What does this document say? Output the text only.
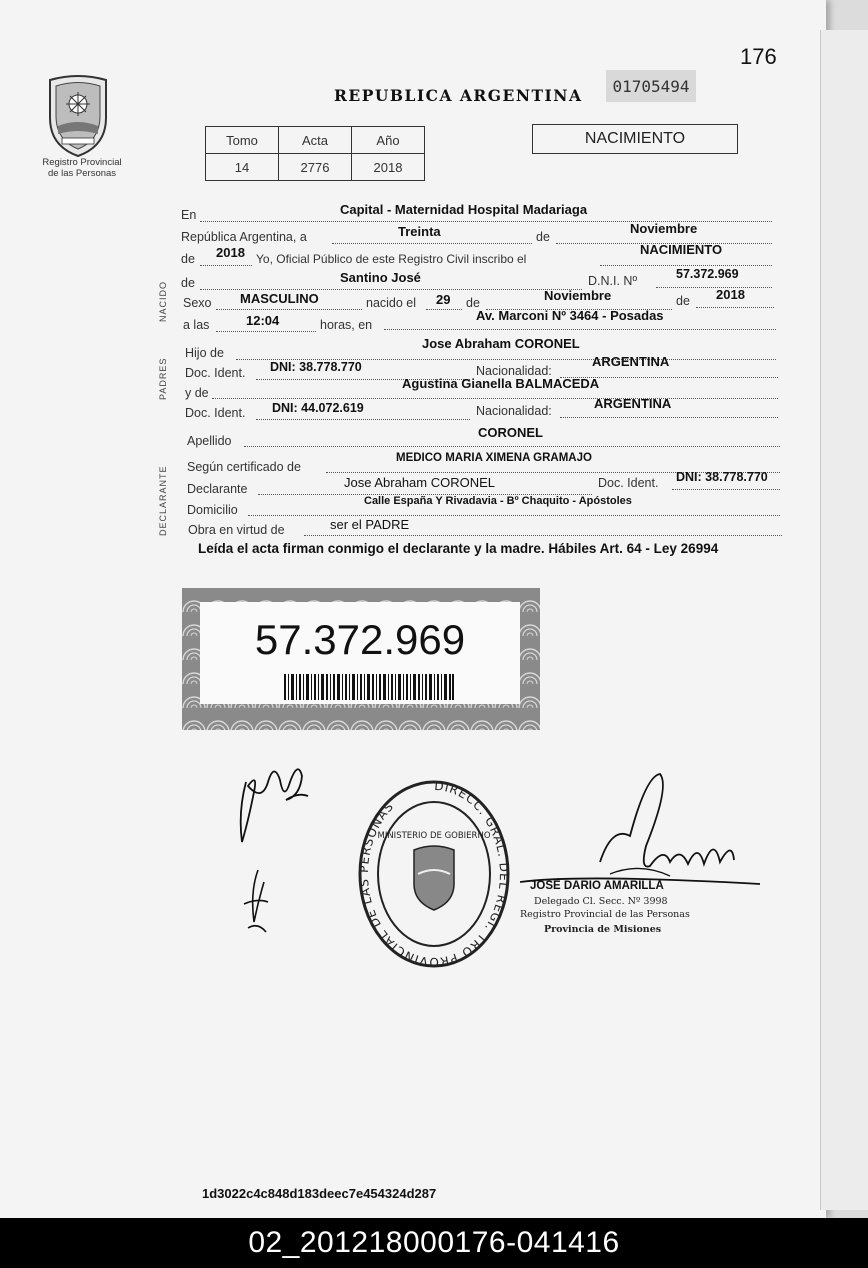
176
REPUBLICA ARGENTINA	01705494
Registro Provincial
de las Personas
Tomo	Acta	Año
14	2776	2018
NACIMIENTO
NACIDO
PADRES
DECLARANTE
En	Capital - Maternidad Hospital Madariaga
República Argentina, a	Treinta	de
Noviembre
de 2018 Yo, Oficial Público de este Registro Civil inscribo el
NACIMIENTO
de	Santino José	D.N.I. Nº	57.372.969
Sexo MASCULINO	nacido el 29 de	Noviembre	de 2018
a las	12:04	horas, en
Av. Marconi Nº 3464 - Posadas
Hijo de
Jose Abraham CORONEL
Doc. Ident. DNI: 38.778.770	Nacionalidad:
ARGENTINA
y de
Agustina Gianella BALMACEDA
Doc. Ident. DNI: 44.072.619	Nacionalidad:	ARGENTINA
Apellido
CORONEL
Según certificado de
MEDICO MARIA XIMENA GRAMAJO
Declarante	Jose Abraham CORONEL	Doc. Ident. DNI: 38.778.770
Domicilio
Calle España Y Rivadavia - Bº Chaquito - Apóstoles
Obra en virtud de	ser el PADRE
Leída el acta firman conmigo el declarante y la madre. Hábiles Art. 64 - Ley 26994
57.372.969
DIRECC. GRAL. DEL REGI. TRO PROVINCIAL DE LAS PERSONAS
MINISTERIO DE GOBIERNO
JOSÉ DARIO AMARILLA
Delegado Cl. Secc. Nº 3998
Registro Provincial de las Personas
Provincia de Misiones
1d3022c4c848d183deec7e454324d287
02_201218000176-041416
